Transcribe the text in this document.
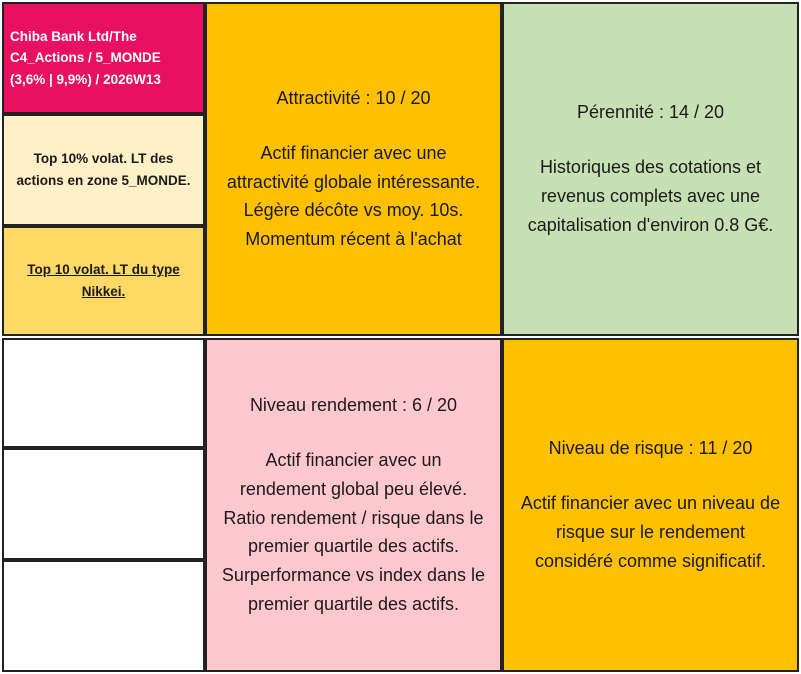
Chiba Bank Ltd/The
C4_Actions / 5_MONDE
(3,6% | 9,9%) / 2026W13
Top 10% volat. LT des
actions en zone 5_MONDE.
Top 10 volat. LT du type
Nikkei.
Attractivité : 10 / 20
Actif financier avec une
attractivité globale intéressante.
Légère décôte vs moy. 10s.
Momentum récent à l'achat
Pérennité : 14 / 20
Historiques des cotations et
revenus complets avec une
capitalisation d'environ 0.8 G€.
Niveau rendement : 6 / 20
Actif financier avec un
rendement global peu élevé.
Ratio rendement / risque dans le
premier quartile des actifs.
Surperformance vs index dans le
premier quartile des actifs.
Niveau de risque : 11 / 20
Actif financier avec un niveau de
risque sur le rendement
considéré comme significatif.
